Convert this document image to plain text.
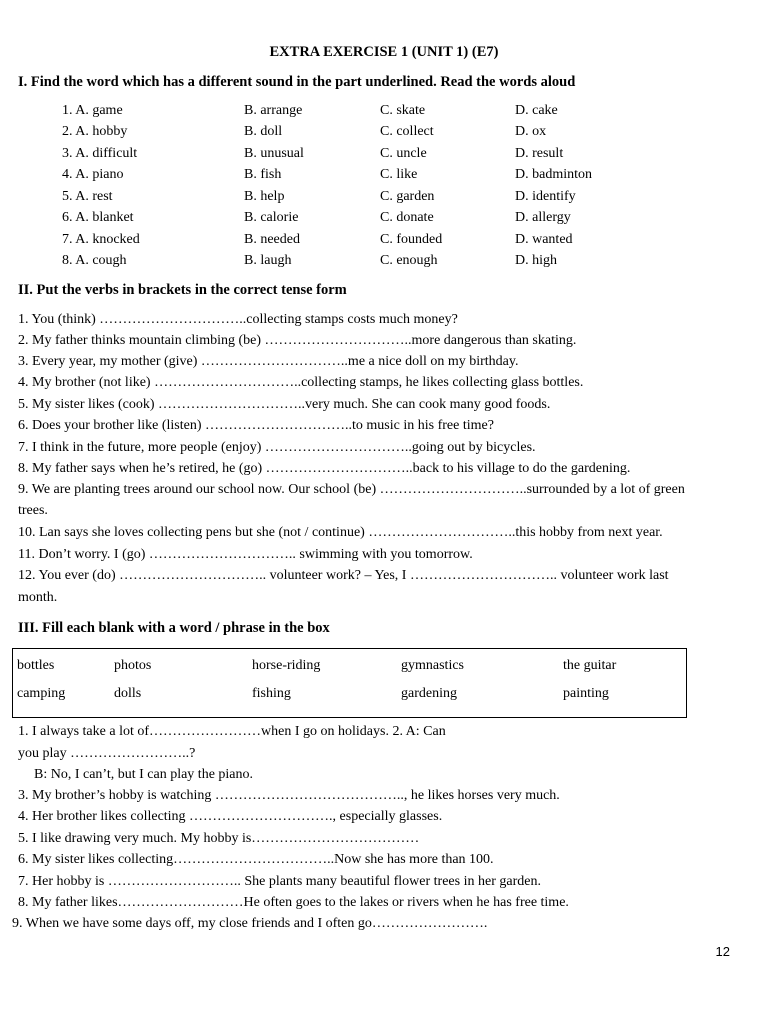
EXTRA EXERCISE 1 (UNIT 1) (E7)
I. Find the word which has a different sound in the part underlined. Read the words aloud
1. A. game	B. arrange	C. skate	D. cake
2. A. hobby	B. doll	C. collect	D. ox
3. A. difficult	B. unusual	C. uncle	D. result
4. A. piano	B. fish	C. like	D. badminton
5. A. rest	B. help	C. garden	D. identify
6. A. blanket	B. calorie	C. donate	D. allergy
7. A. knocked	B. needed	C. founded	D. wanted
8. A. cough	B. laugh	C. enough	D. high
II. Put the verbs in brackets in the correct tense form
1. You (think) …………………………..collecting stamps costs much money?
2. My father thinks mountain climbing (be) …………………………..more dangerous than skating.
3. Every year, my mother (give) …………………………..me a nice doll on my birthday.
4. My brother (not like) …………………………..collecting stamps, he likes collecting glass bottles.
5. My sister likes (cook) …………………………..very much. She can cook many good foods.
6. Does your brother like (listen) …………………………..to music in his free time?
7. I think in the future, more people (enjoy) …………………………..going out by bicycles.
8. My father says when he’s retired, he (go) …………………………..back to his village to do the gardening.
9. We are planting trees around our school now. Our school (be) …………………………..surrounded by a lot of green
trees.
10. Lan says she loves collecting pens but she (not / continue) …………………………..this hobby from next year.
11. Don’t worry. I (go) ………………………….. swimming with you tomorrow.
12. You ever (do) ………………………….. volunteer work? – Yes, I ………………………….. volunteer work last
month.
III. Fill each blank with a word / phrase in the box
bottles	photos	horse-riding	gymnastics	the guitar
camping	dolls	fishing	gardening	painting
1. I always take a lot of……………………when I go on holidays. 2. A: Can
you play ……………………..?
B: No, I can’t, but I can play the piano.
3. My brother’s hobby is watching ………………………………….., he likes horses very much.
4. Her brother likes collecting …………………………., especially glasses.
5. I like drawing very much. My hobby is………………………………
6. My sister likes collecting……………………………..Now she has more than 100.
7. Her hobby is ……………………….. She plants many beautiful flower trees in her garden.
8. My father likes………………………He often goes to the lakes or rivers when he has free time.
9. When we have some days off, my close friends and I often go…………………….
12
